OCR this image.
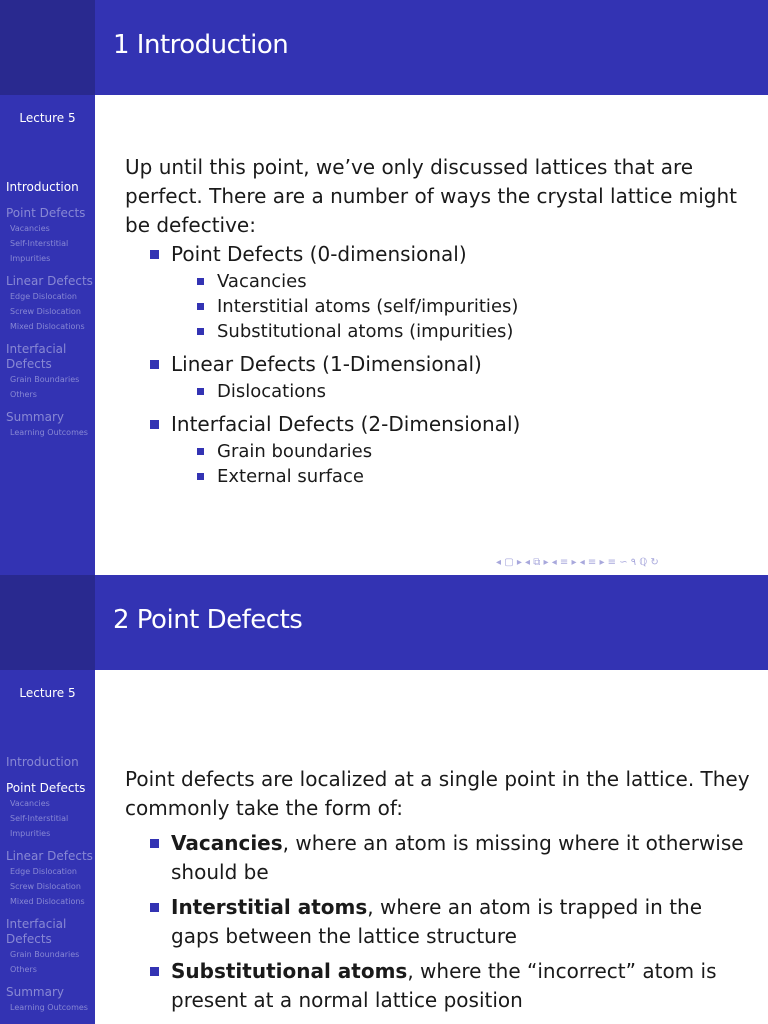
Lecture 5
Introduction
Point Defects
Vacancies
Self-Interstitial
Impurities
Linear Defects
Edge Dislocation
Screw Dislocation
Mixed Dislocations
Interfacial
Defects
Grain Boundaries
Others
Summary
Learning Outcomes
1 Introduction
Up until this point, we’ve only discussed lattices that are perfect. There are a number of ways the crystal lattice might be defective:
Point Defects (0-dimensional)
Vacancies
Interstitial atoms (self/impurities)
Substitutional atoms (impurities)
Linear Defects (1-Dimensional)
Dislocations
Interfacial Defects (2-Dimensional)
Grain boundaries
External surface
◂ ▢ ▸ ◂ ⧉ ▸ ◂ ≡ ▸ ◂ ≡ ▸ ≡ ∽ ۹ ℚ ↻
Lecture 5
Introduction
Point Defects
Vacancies
Self-Interstitial
Impurities
Linear Defects
Edge Dislocation
Screw Dislocation
Mixed Dislocations
Interfacial
Defects
Grain Boundaries
Others
Summary
Learning Outcomes
2 Point Defects
Point defects are localized at a single point in the lattice. They commonly take the form of:
Vacancies, where an atom is missing where it otherwise should be
Interstitial atoms, where an atom is trapped in the gaps between the lattice structure
Substitutional atoms, where the “incorrect” atom is present at a normal lattice position
